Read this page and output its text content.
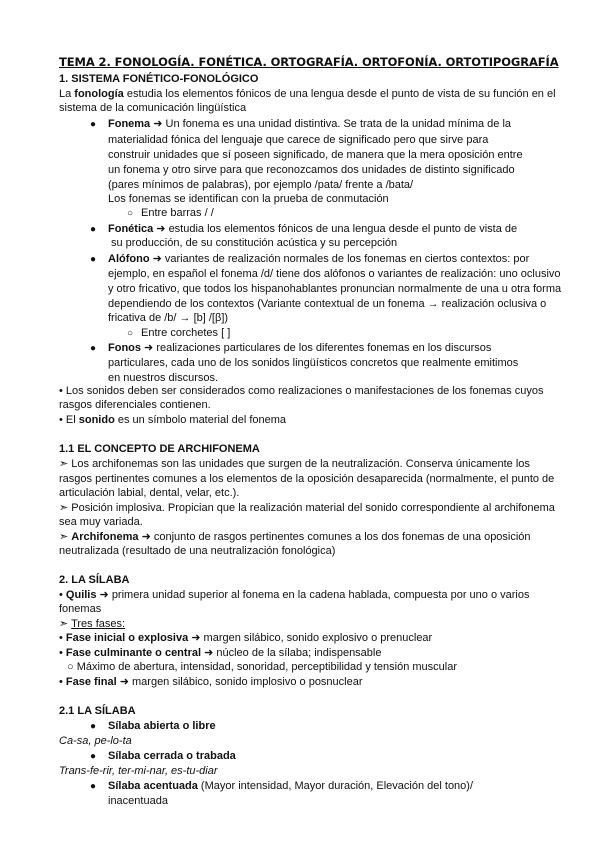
TEMA 2. FONOLOGÍA. FONÉTICA. ORTOGRAFÍA. ORTOFONÍA. ORTOTIPOGRAFÍA
1. SISTEMA FONÉTICO-FONOLÓGICO
La fonología estudia los elementos fónicos de una lengua desde el punto de vista de su función en el
sistema de la comunicación lingüística
● Fonema ➜ Un fonema es una unidad distintiva. Se trata de la unidad mínima de la
materialidad fónica del lenguaje que carece de significado pero que sirve para
construir unidades que sí poseen significado, de manera que la mera oposición entre
un fonema y otro sirve para que reconozcamos dos unidades de distinto significado
(pares mínimos de palabras), por ejemplo /pata/ frente a /bata/
Los fonemas se identifican con la prueba de conmutación
○ Entre barras / /
● Fonética ➜ estudia los elementos fónicos de una lengua desde el punto de vista de
su producción, de su constitución acústica y su percepción
● Alófono ➜ variantes de realización normales de los fonemas en ciertos contextos: por
ejemplo, en español el fonema /d/ tiene dos alófonos o variantes de realización: uno oclusivo
y otro fricativo, que todos los hispanohablantes pronuncian normalmente de una u otra forma
dependiendo de los contextos (Variante contextual de un fonema → realización oclusiva o
fricativa de /b/ → [b] /[β])
○ Entre corchetes [ ]
● Fonos ➜ realizaciones particulares de los diferentes fonemas en los discursos
particulares, cada uno de los sonidos lingüísticos concretos que realmente emitimos
en nuestros discursos.
• Los sonidos deben ser considerados como realizaciones o manifestaciones de los fonemas cuyos
rasgos diferenciales contienen.
• El sonido es un símbolo material del fonema
1.1 EL CONCEPTO DE ARCHIFONEMA
➣ Los archifonemas son las unidades que surgen de la neutralización. Conserva únicamente los
rasgos pertinentes comunes a los elementos de la oposición desaparecida (normalmente, el punto de
articulación labial, dental, velar, etc.).
➣ Posición implosiva. Propician que la realización material del sonido correspondiente al archifonema
sea muy variada.
➣ Archifonema ➜ conjunto de rasgos pertinentes comunes a los dos fonemas de una oposición
neutralizada (resultado de una neutralización fonológica)
2. LA SÍLABA
• Quilis ➜ primera unidad superior al fonema en la cadena hablada, compuesta por uno o varios
fonemas
➣ Tres fases:
• Fase inicial o explosiva ➜ margen silábico, sonido explosivo o prenuclear
• Fase culminante o central ➜ núcleo de la sílaba; indispensable
○ Máximo de abertura, intensidad, sonoridad, perceptibilidad y tensión muscular
• Fase final ➜ margen silábico, sonido implosivo o posnuclear
2.1 LA SÍLABA
● Sílaba abierta o libre
Ca-sa, pe-lo-ta
● Sílaba cerrada o trabada
Trans-fe-rir, ter-mi-nar, es-tu-diar
● Sílaba acentuada (Mayor intensidad, Mayor duración, Elevación del tono)/
inacentuada
